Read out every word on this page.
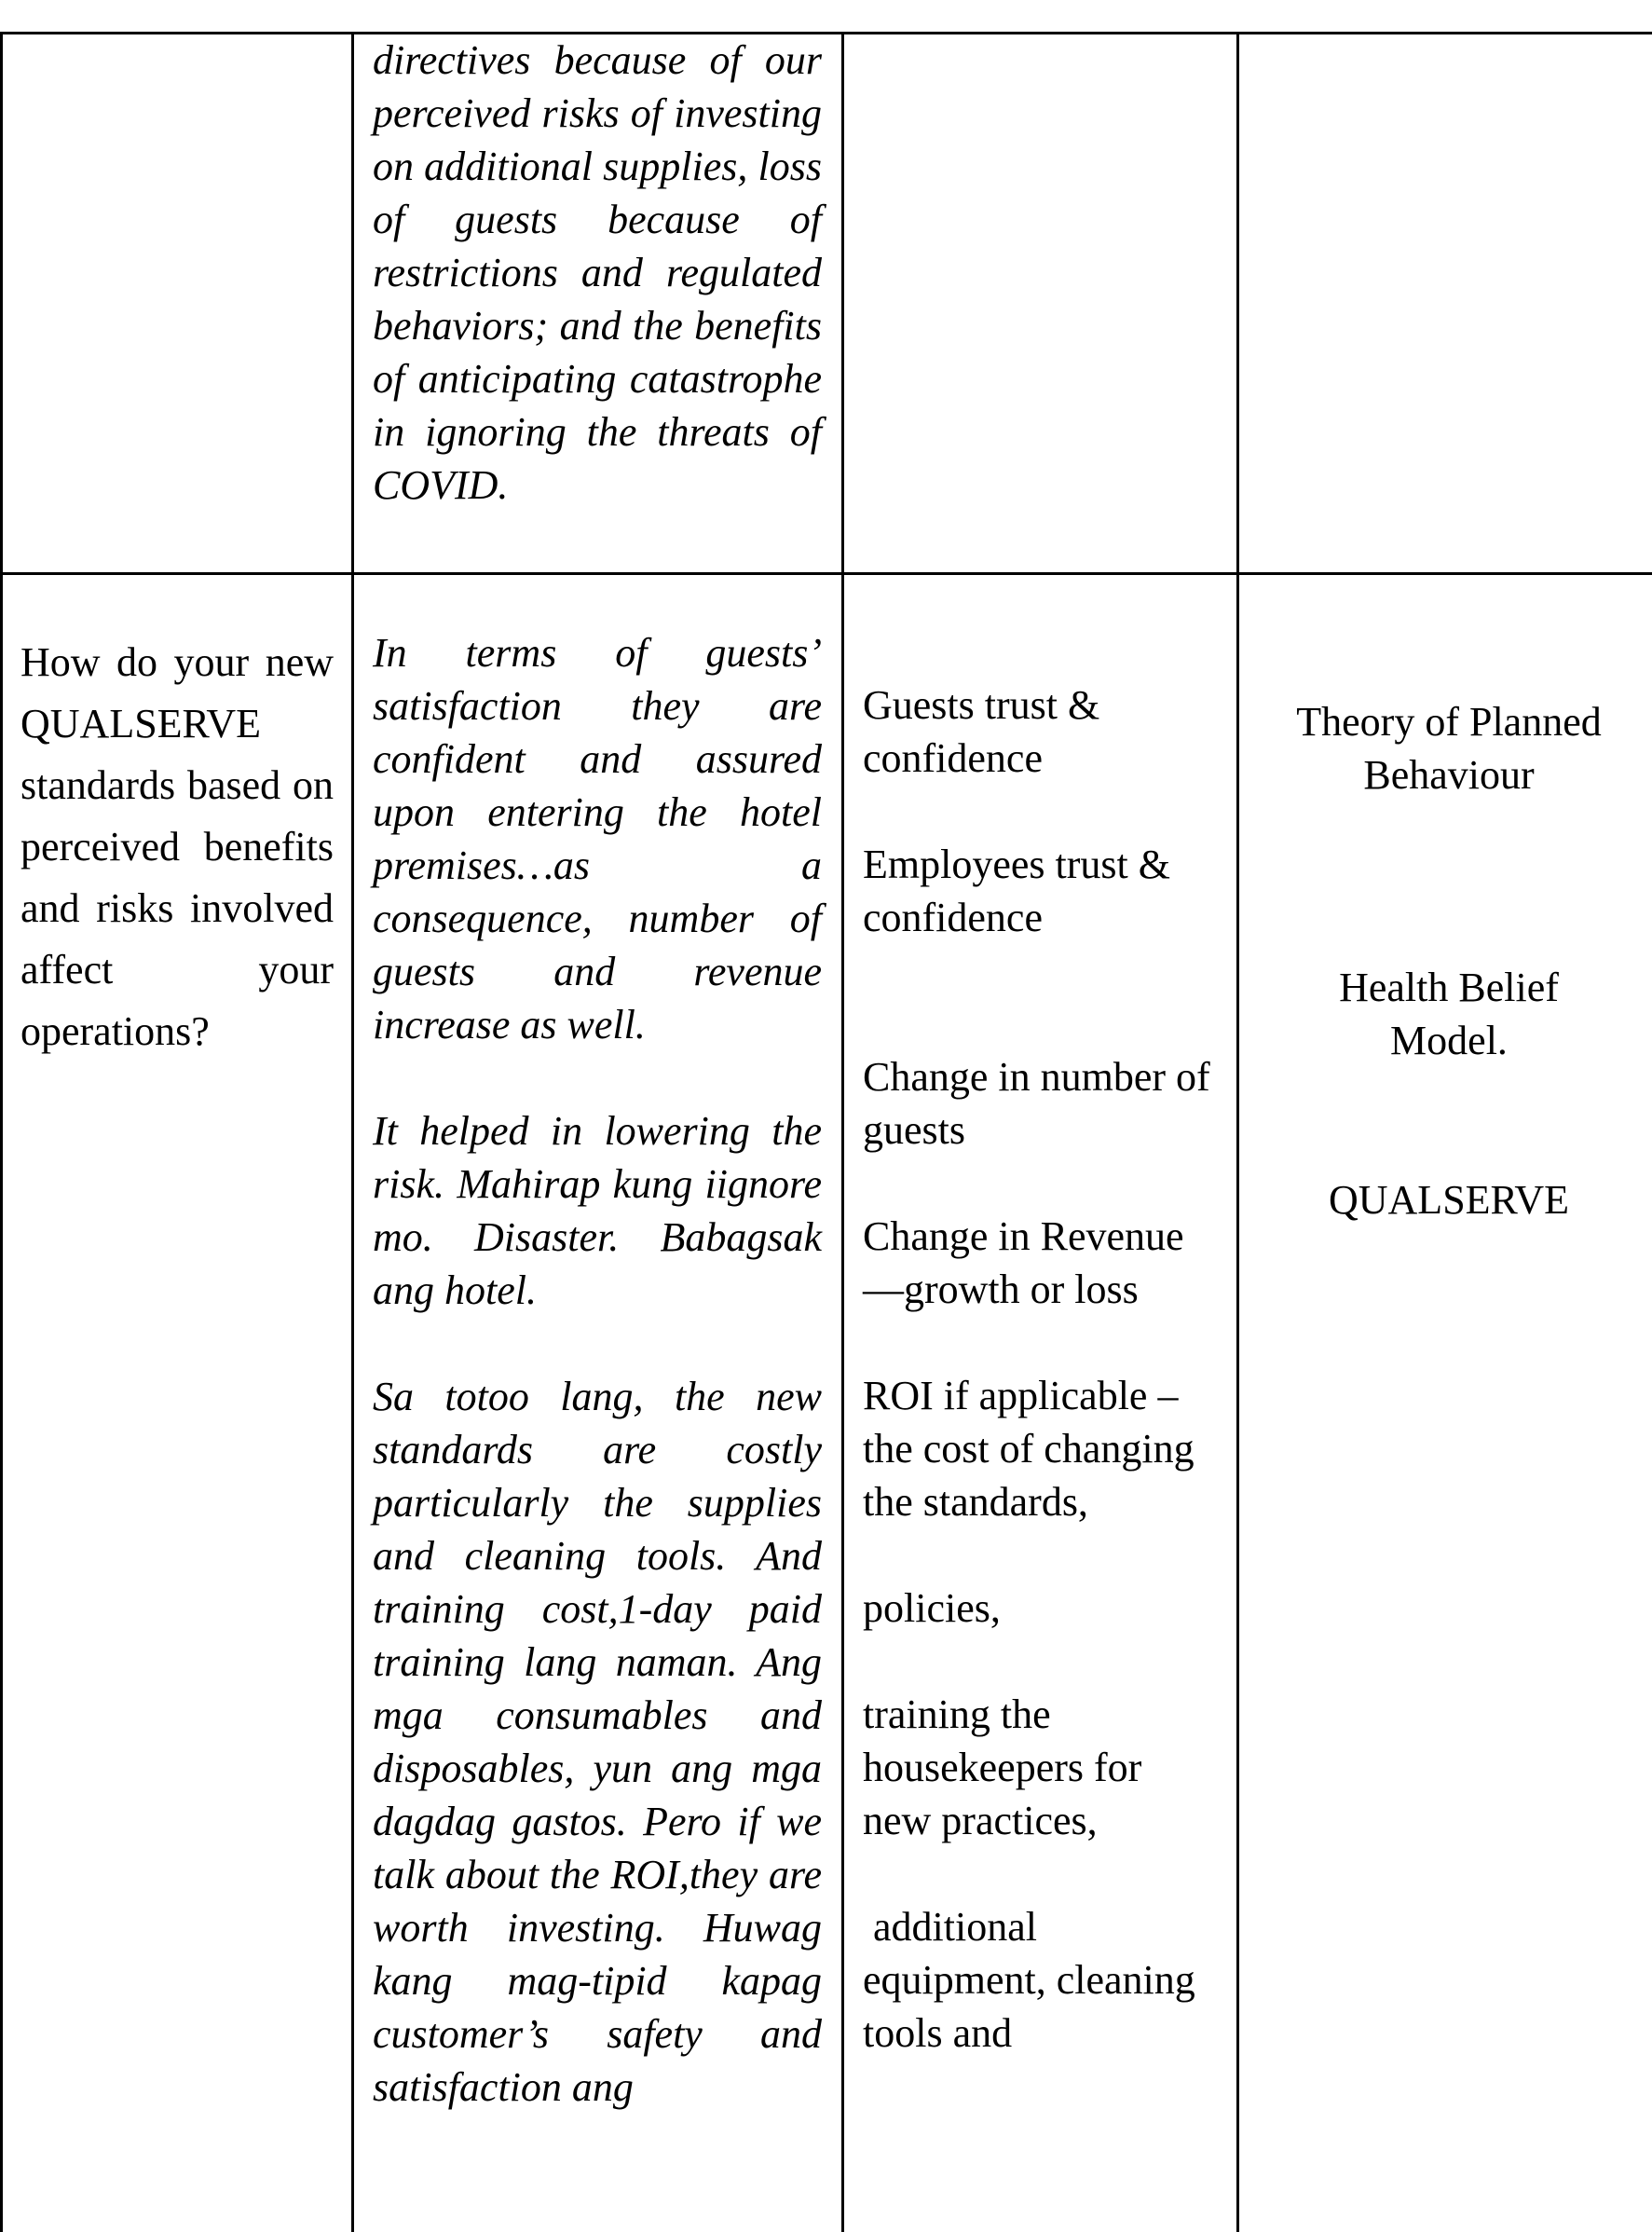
directives because of our perceived risks of investing on additional supplies, loss of guests because of restrictions and regulated behaviors; and the benefits of anticipating catastrophe in ignoring the threats of COVID.

How do your new QUALSERVE standards based on perceived benefits and risks involved affect your operations?

In terms of guests’ satisfaction they are confident and assured upon entering the hotel premises…as a consequence, number of guests and revenue increase as well.

It helped in lowering the risk. Mahirap kung iignore mo. Disaster. Babagsak ang hotel.

Sa totoo lang, the new standards are costly particularly the supplies and cleaning tools. And training cost,1-day paid training lang naman. Ang mga consumables and disposables, yun ang mga dagdag gastos. Pero if we talk about the ROI,they are worth investing. Huwag kang mag-tipid kapag customer’s safety and satisfaction ang

Guests trust & confidence

Employees trust & confidence

Change in number of guests

Change in Revenue—growth or loss

ROI if applicable –

the cost of changing the standards,

policies,

training the housekeepers for new practices,

additional equipment, cleaning tools and

Theory of Planned Behaviour

Health Belief Model.

QUALSERVE
